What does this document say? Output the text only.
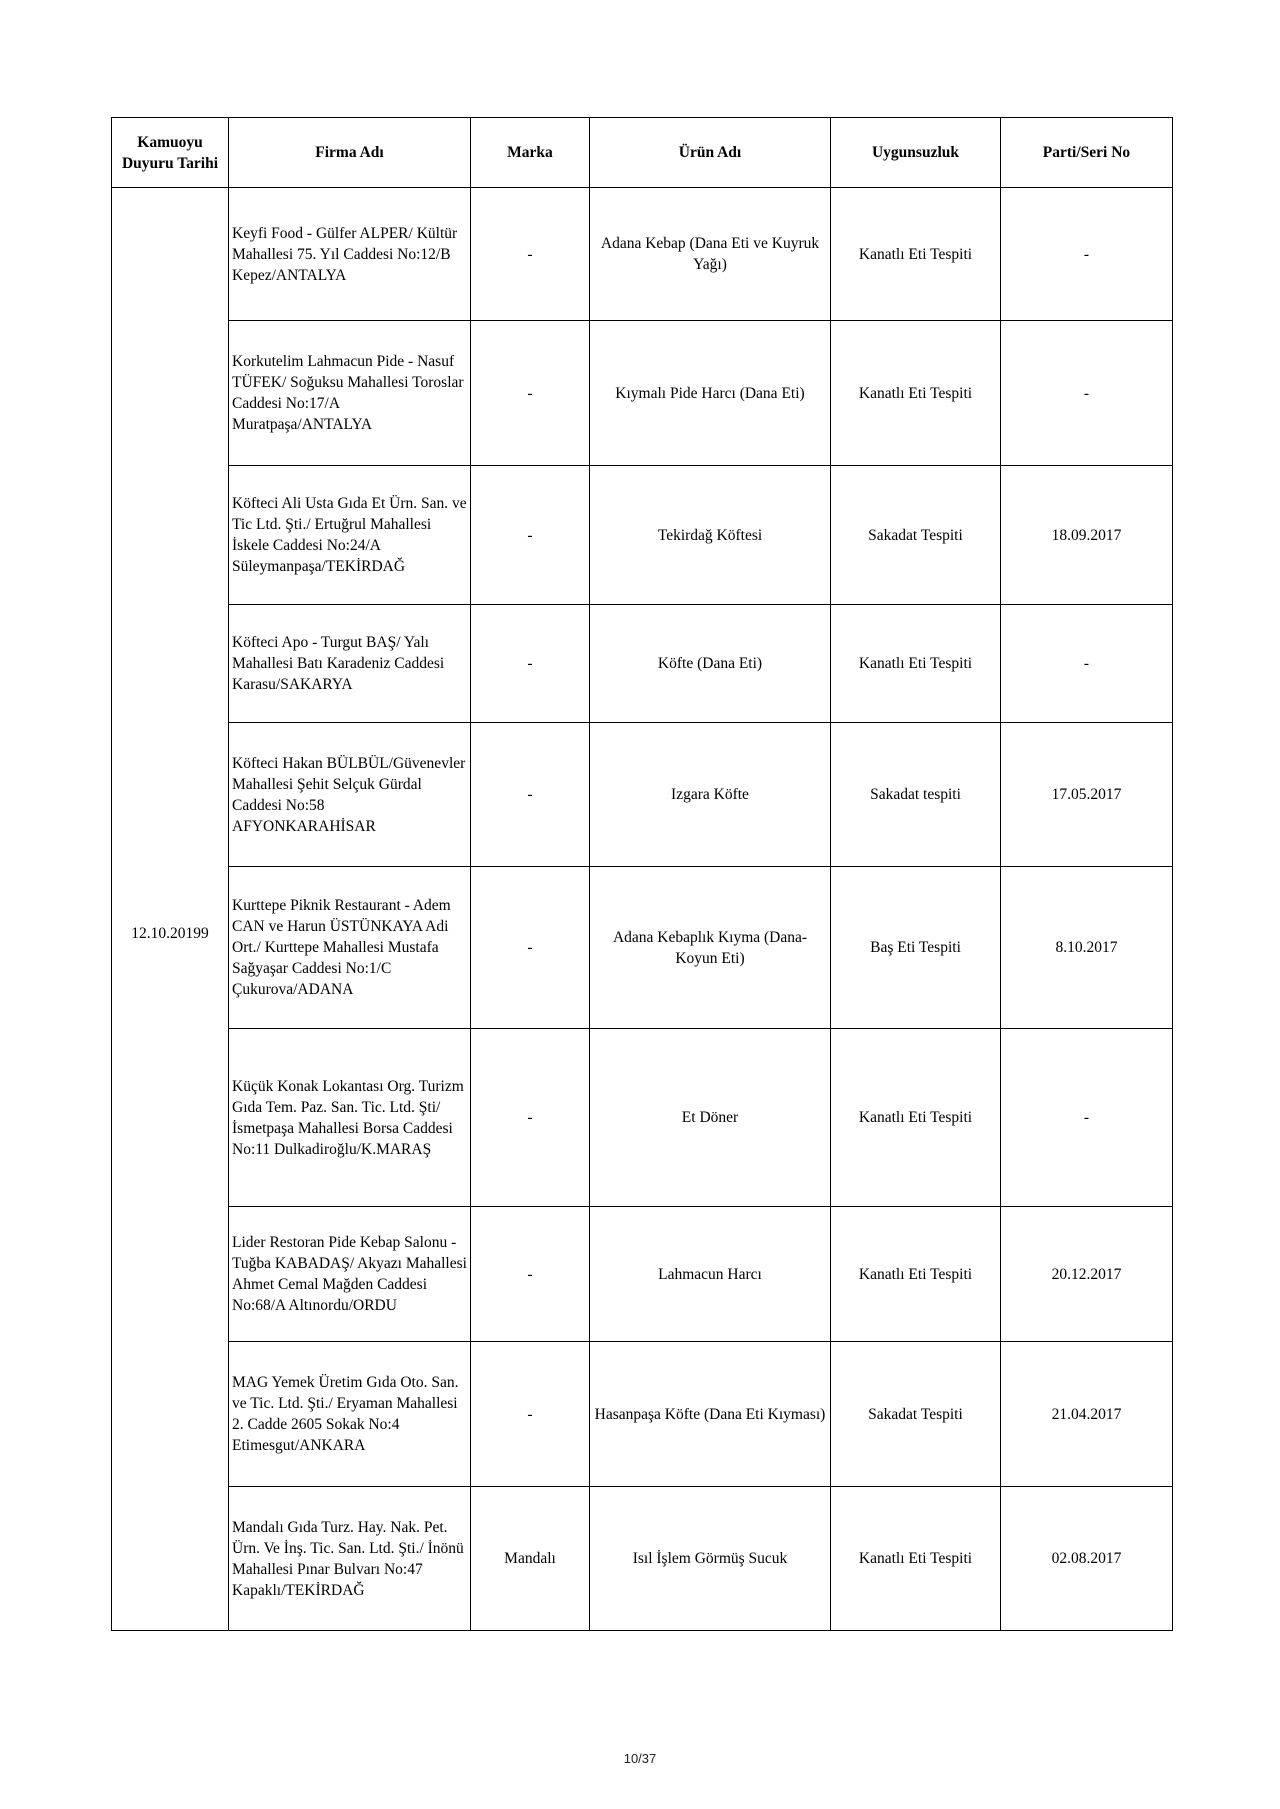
Kamuoyu Duyuru Tarihi	Firma Adı	Marka	Ürün Adı	Uygunsuzluk	Parti/Seri No
12.10.20199	Keyfi Food - Gülfer ALPER/ Kültür Mahallesi 75. Yıl Caddesi No:12/B Kepez/ANTALYA	-	Adana Kebap (Dana Eti ve Kuyruk Yağı)	Kanatlı Eti Tespiti	-
	Korkutelim Lahmacun Pide - Nasuf TÜFEK/ Soğuksu Mahallesi Toroslar Caddesi No:17/A Muratpaşa/ANTALYA	-	Kıymalı Pide Harcı (Dana Eti)	Kanatlı Eti Tespiti	-
	Köfteci Ali Usta Gıda Et Ürn. San. ve Tic Ltd. Şti./ Ertuğrul Mahallesi İskele Caddesi No:24/A Süleymanpaşa/TEKİRDAĞ	-	Tekirdağ Köftesi	Sakadat Tespiti	18.09.2017
	Köfteci Apo - Turgut BAŞ/ Yalı Mahallesi Batı Karadeniz Caddesi Karasu/SAKARYA	-	Köfte (Dana Eti)	Kanatlı Eti Tespiti	-
	Köfteci Hakan BÜLBÜL/Güvenevler Mahallesi Şehit Selçuk Gürdal Caddesi No:58 AFYONKARAHİSAR	-	Izgara Köfte	Sakadat tespiti	17.05.2017
	Kurttepe Piknik Restaurant - Adem CAN ve Harun ÜSTÜNKAYA Adi Ort./ Kurttepe Mahallesi Mustafa Sağyaşar Caddesi No:1/C Çukurova/ADANA	-	Adana Kebaplık Kıyma (Dana-Koyun Eti)	Baş Eti Tespiti	8.10.2017
	Küçük Konak Lokantası Org. Turizm Gıda Tem. Paz. San. Tic. Ltd. Şti/ İsmetpaşa Mahallesi Borsa Caddesi No:11 Dulkadiroğlu/K.MARAŞ	-	Et Döner	Kanatlı Eti Tespiti	-
	Lider Restoran Pide Kebap Salonu - Tuğba KABADAŞ/ Akyazı Mahallesi Ahmet Cemal Mağden Caddesi No:68/A Altınordu/ORDU	-	Lahmacun Harcı	Kanatlı Eti Tespiti	20.12.2017
	MAG Yemek Üretim Gıda Oto. San. ve Tic. Ltd. Şti./ Eryaman Mahallesi 2. Cadde 2605 Sokak No:4 Etimesgut/ANKARA	-	Hasanpaşa Köfte (Dana Eti Kıyması)	Sakadat Tespiti	21.04.2017
	Mandalı Gıda Turz. Hay. Nak. Pet. Ürn. Ve İnş. Tic. San. Ltd. Şti./ İnönü Mahallesi Pınar Bulvarı No:47 Kapaklı/TEKİRDAĞ	Mandalı	Isıl İşlem Görmüş Sucuk	Kanatlı Eti Tespiti	02.08.2017
10/37
